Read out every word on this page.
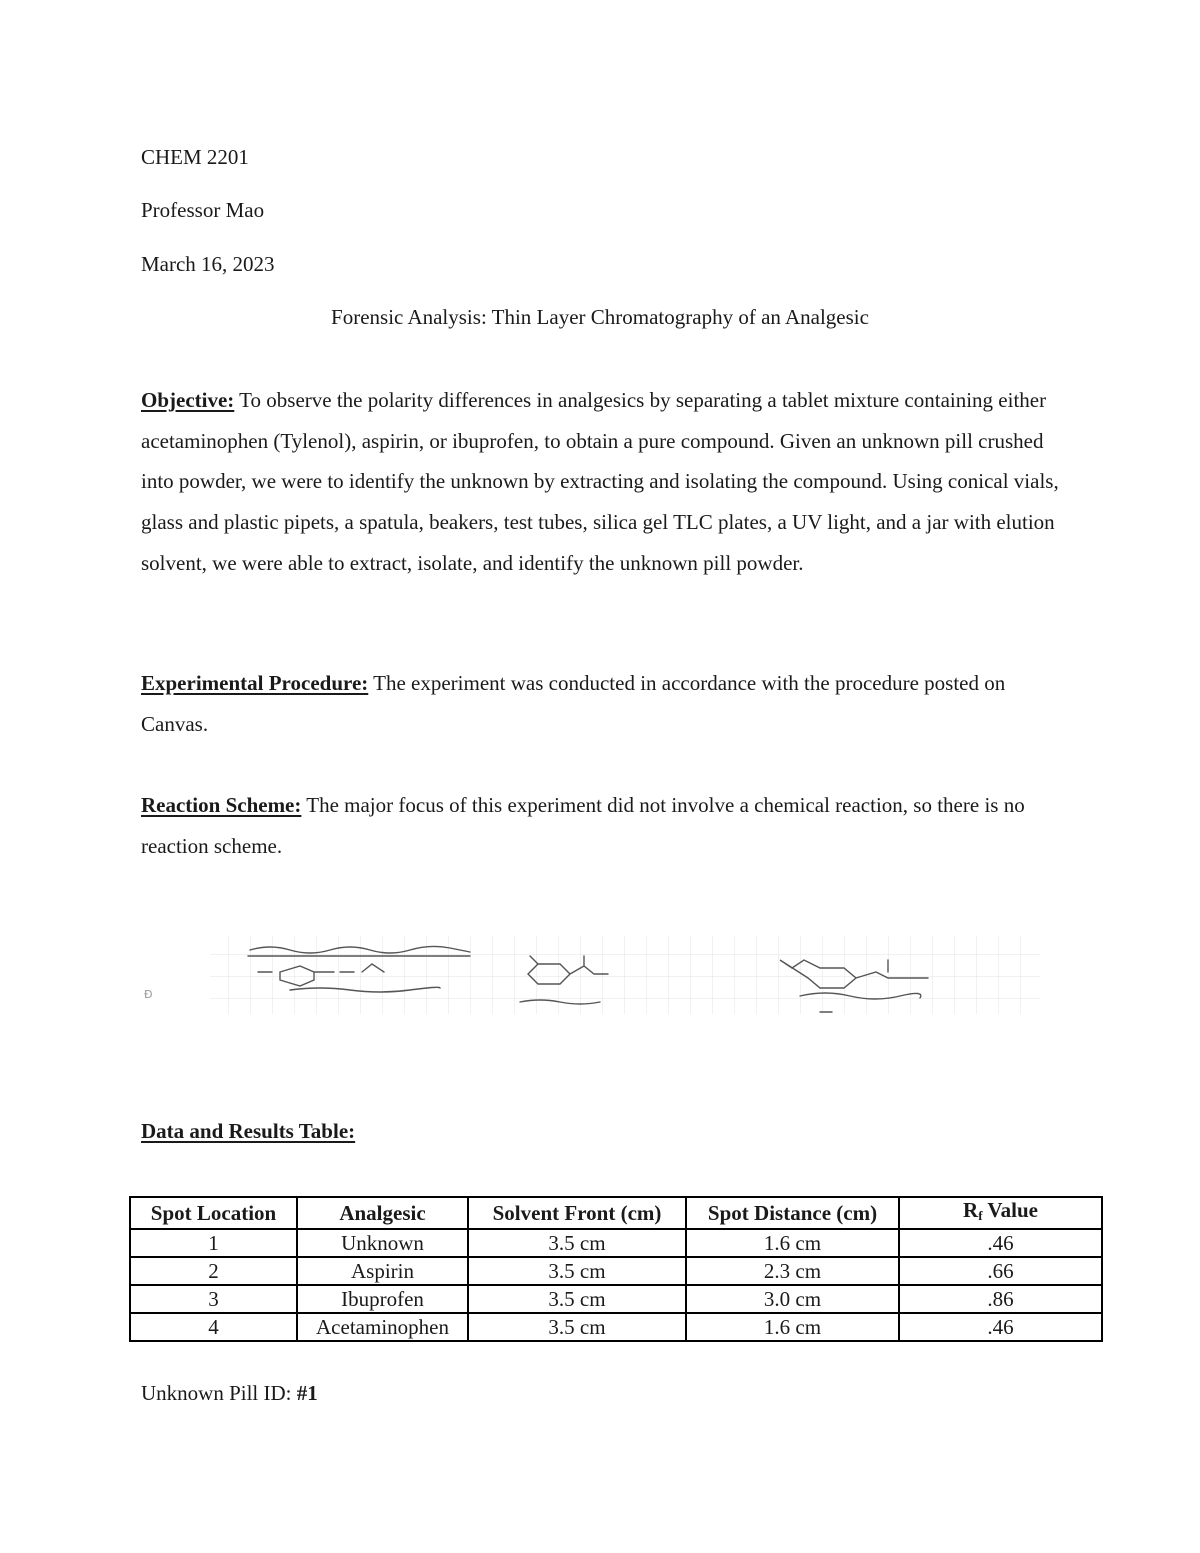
CHEM 2201
Professor Mao
March 16, 2023
Forensic Analysis: Thin Layer Chromatography of an Analgesic
Objective: To observe the polarity differences in analgesics by separating a tablet mixture containing either acetaminophen (Tylenol), aspirin, or ibuprofen, to obtain a pure compound. Given an unknown pill crushed into powder, we were to identify the unknown by extracting and isolating the compound. Using conical vials, glass and plastic pipets, a spatula, beakers, test tubes, silica gel TLC plates, a UV light, and a jar with elution solvent, we were able to extract, isolate, and identify the unknown pill powder.
Experimental Procedure: The experiment was conducted in accordance with the procedure posted on Canvas.
Reaction Scheme: The major focus of this experiment did not involve a chemical reaction, so there is no reaction scheme.
Ð
Data and Results Table:
Spot Location	Analgesic	Solvent Front (cm)	Spot Distance (cm)	$R_f$ Value
1	Unknown	3.5 cm	1.6 cm	.46
2	Aspirin	3.5 cm	2.3 cm	.66
3	Ibuprofen	3.5 cm	3.0 cm	.86
4	Acetaminophen	3.5 cm	1.6 cm	.46
Unknown Pill ID: #1
